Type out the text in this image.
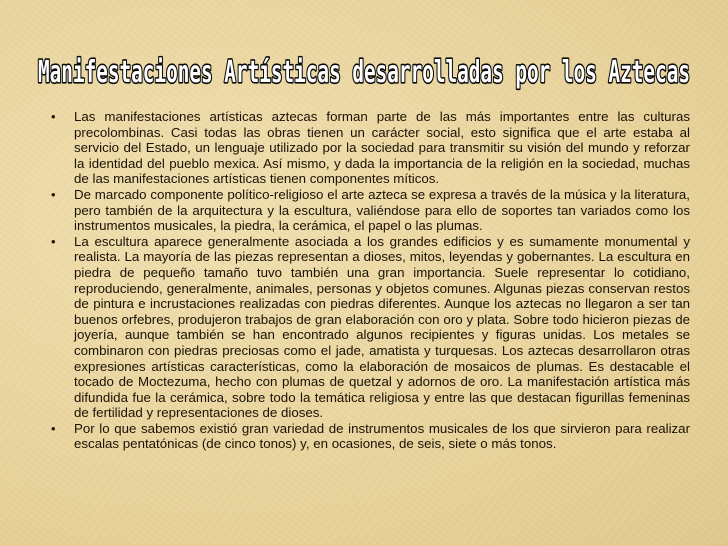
Manifestaciones Artísticas desarrolladas por los Aztecas
• Las manifestaciones artísticas aztecas forman parte de las más importantes entre las culturas precolombinas. Casi todas las obras tienen un carácter social, esto significa que el arte estaba al servicio del Estado, un lenguaje utilizado por la sociedad para transmitir su visión del mundo y reforzar la identidad del pueblo mexica. Así mismo, y dada la importancia de la religión en la sociedad, muchas de las manifestaciones artísticas tienen componentes míticos.
• De marcado componente político-religioso el arte azteca se expresa a través de la música y la literatura, pero también de la arquitectura y la escultura, valiéndose para ello de soportes tan variados como los instrumentos musicales, la piedra, la cerámica, el papel o las plumas.
• La escultura aparece generalmente asociada a los grandes edificios y es sumamente monumental y realista. La mayoría de las piezas representan a dioses, mitos, leyendas y gobernantes. La escultura en piedra de pequeño tamaño tuvo también una gran importancia. Suele representar lo cotidiano, reproduciendo, generalmente, animales, personas y objetos comunes. Algunas piezas conservan restos de pintura e incrustaciones realizadas con piedras diferentes. Aunque los aztecas no llegaron a ser tan buenos orfebres, produjeron trabajos de gran elaboración con oro y plata. Sobre todo hicieron piezas de joyería, aunque también se han encontrado algunos recipientes y figuras unidas. Los metales se combinaron con piedras preciosas como el jade, amatista y turquesas. Los aztecas desarrollaron otras expresiones artísticas características, como la elaboración de mosaicos de plumas. Es destacable el tocado de Moctezuma, hecho con plumas de quetzal y adornos de oro. La manifestación artística más difundida fue la cerámica, sobre todo la temática religiosa y entre las que destacan figurillas femeninas de fertilidad y representaciones de dioses.
• Por lo que sabemos existió gran variedad de instrumentos musicales de los que sirvieron para realizar escalas pentatónicas (de cinco tonos) y, en ocasiones, de seis, siete o más tonos.
